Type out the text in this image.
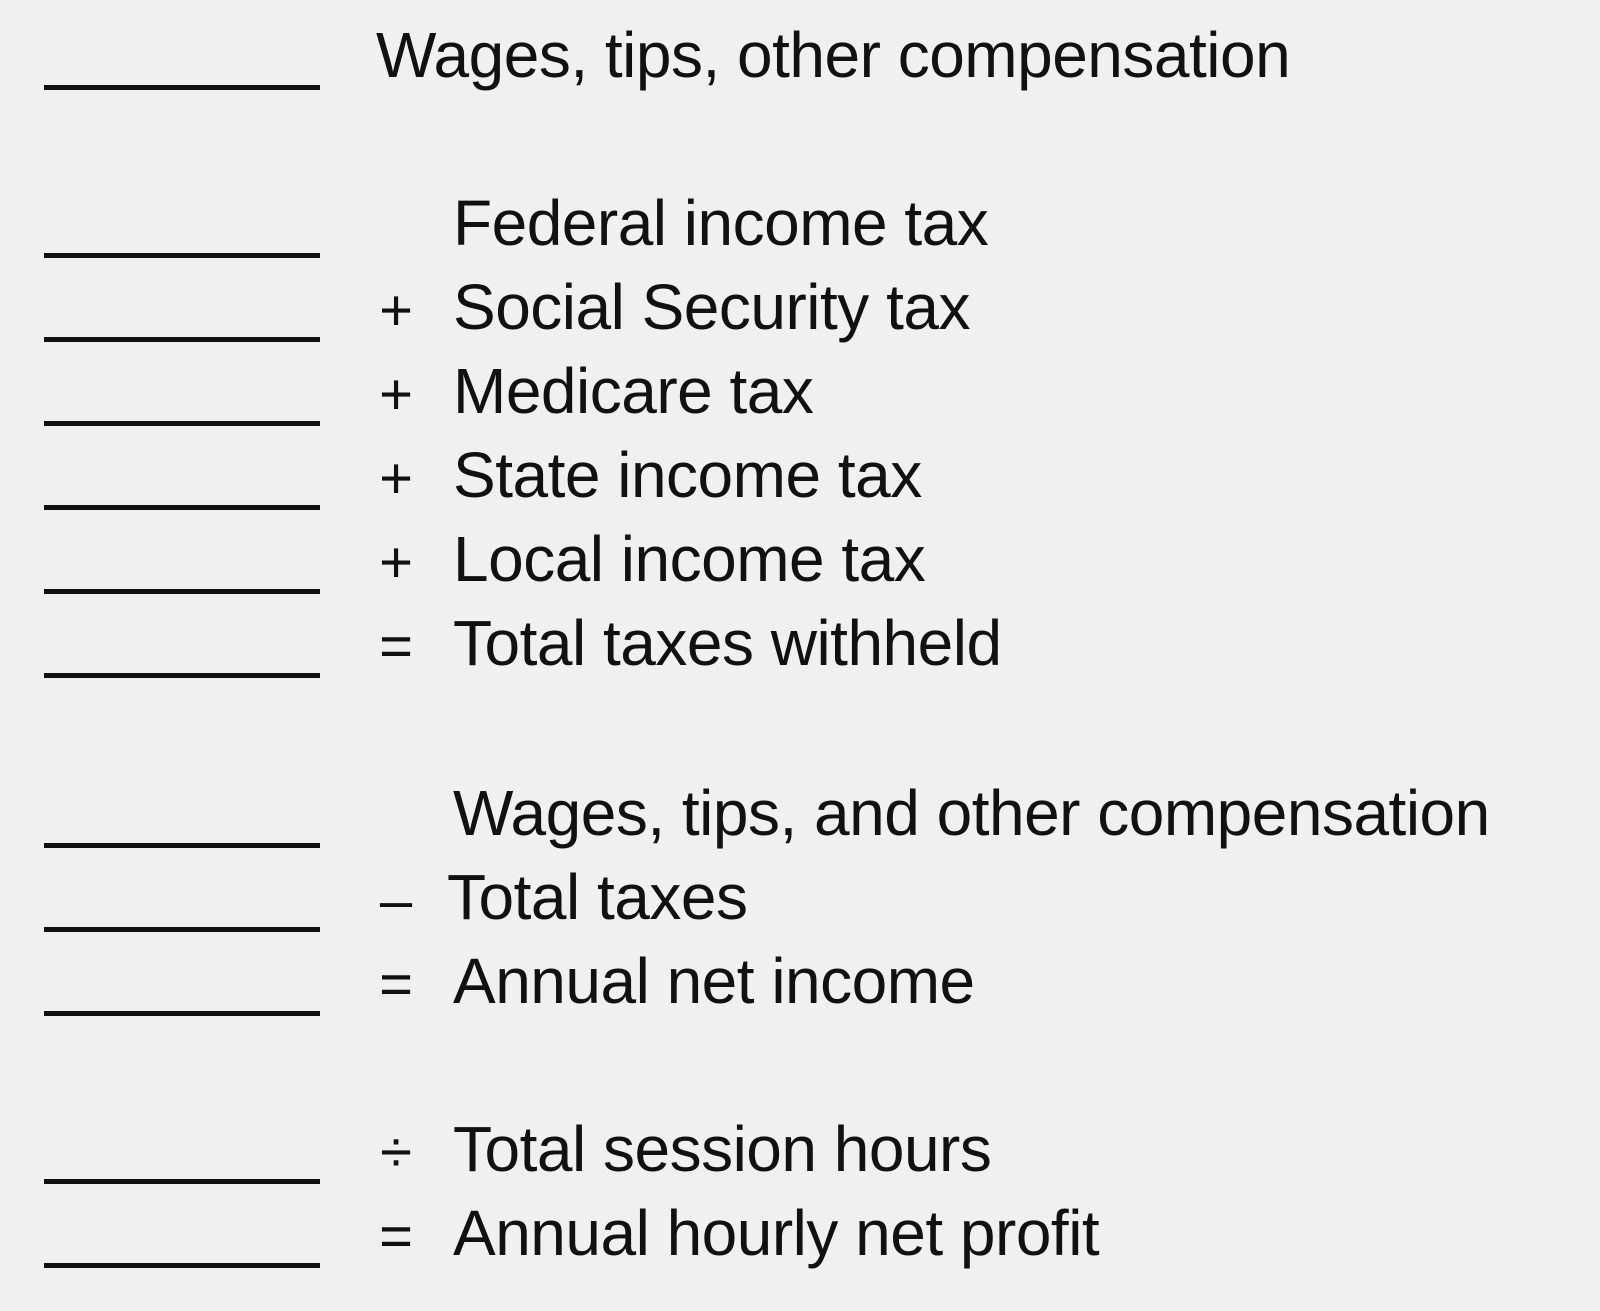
Wages, tips, other compensation
Federal income tax
+ Social Security tax
+ Medicare tax
+ State income tax
+ Local income tax
= Total taxes withheld
Wages, tips, and other compensation
– Total taxes
= Annual net income
÷ Total session hours
= Annual hourly net profit
